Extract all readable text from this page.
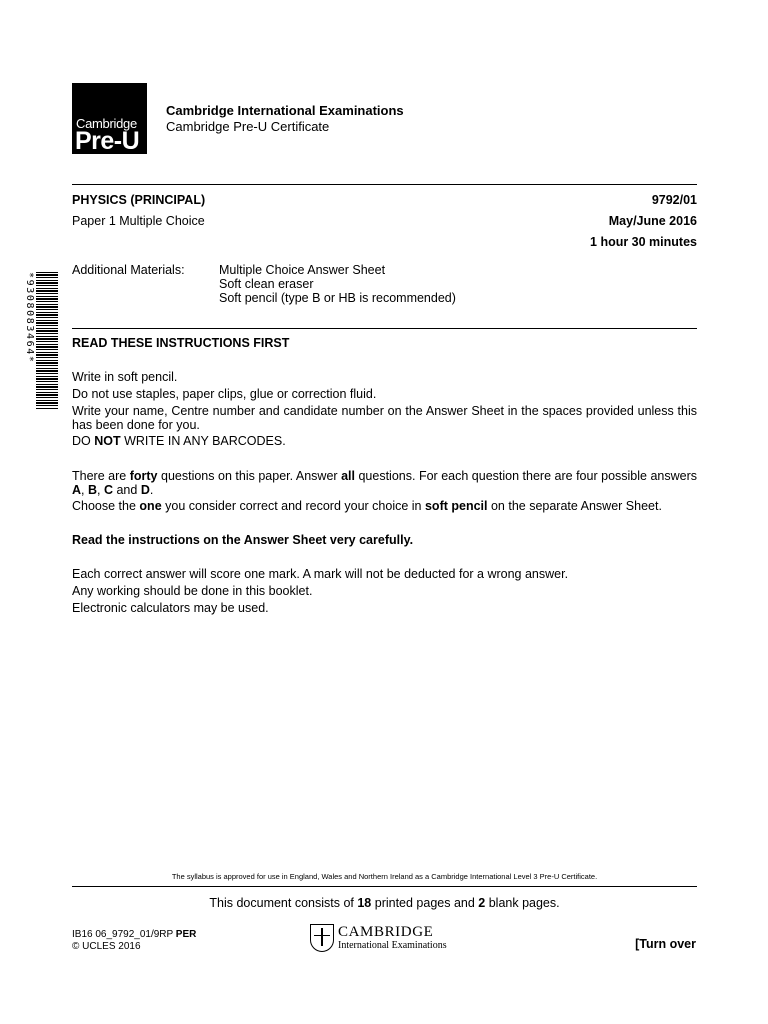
Cambridge
Pre-U
Cambridge International Examinations
Cambridge Pre-U Certificate
PHYSICS (PRINCIPAL)	9792/01
Paper 1 Multiple Choice	May/June 2016
1 hour 30 minutes
Additional Materials:	Multiple Choice Answer Sheet
Soft clean eraser
Soft pencil (type B or HB is recommended)
*9308083464*	READ THESE INSTRUCTIONS FIRST
Write in soft pencil.
Do not use staples, paper clips, glue or correction fluid.
Write your name, Centre number and candidate number on the Answer Sheet in the spaces provided unless this has been done for you.
DO NOT WRITE IN ANY BARCODES.
There are forty questions on this paper. Answer all questions. For each question there are four possible answers A, B, C and D.
Choose the one you consider correct and record your choice in soft pencil on the separate Answer Sheet.
Read the instructions on the Answer Sheet very carefully.
Each correct answer will score one mark. A mark will not be deducted for a wrong answer.
Any working should be done in this booklet.
Electronic calculators may be used.
The syllabus is approved for use in England, Wales and Northern Ireland as a Cambridge International Level 3 Pre-U Certificate.
This document consists of 18 printed pages and 2 blank pages.
IB16 06_9792_01/9RP PER
© UCLES 2016
CAMBRIDGE
International Examinations	[Turn over
